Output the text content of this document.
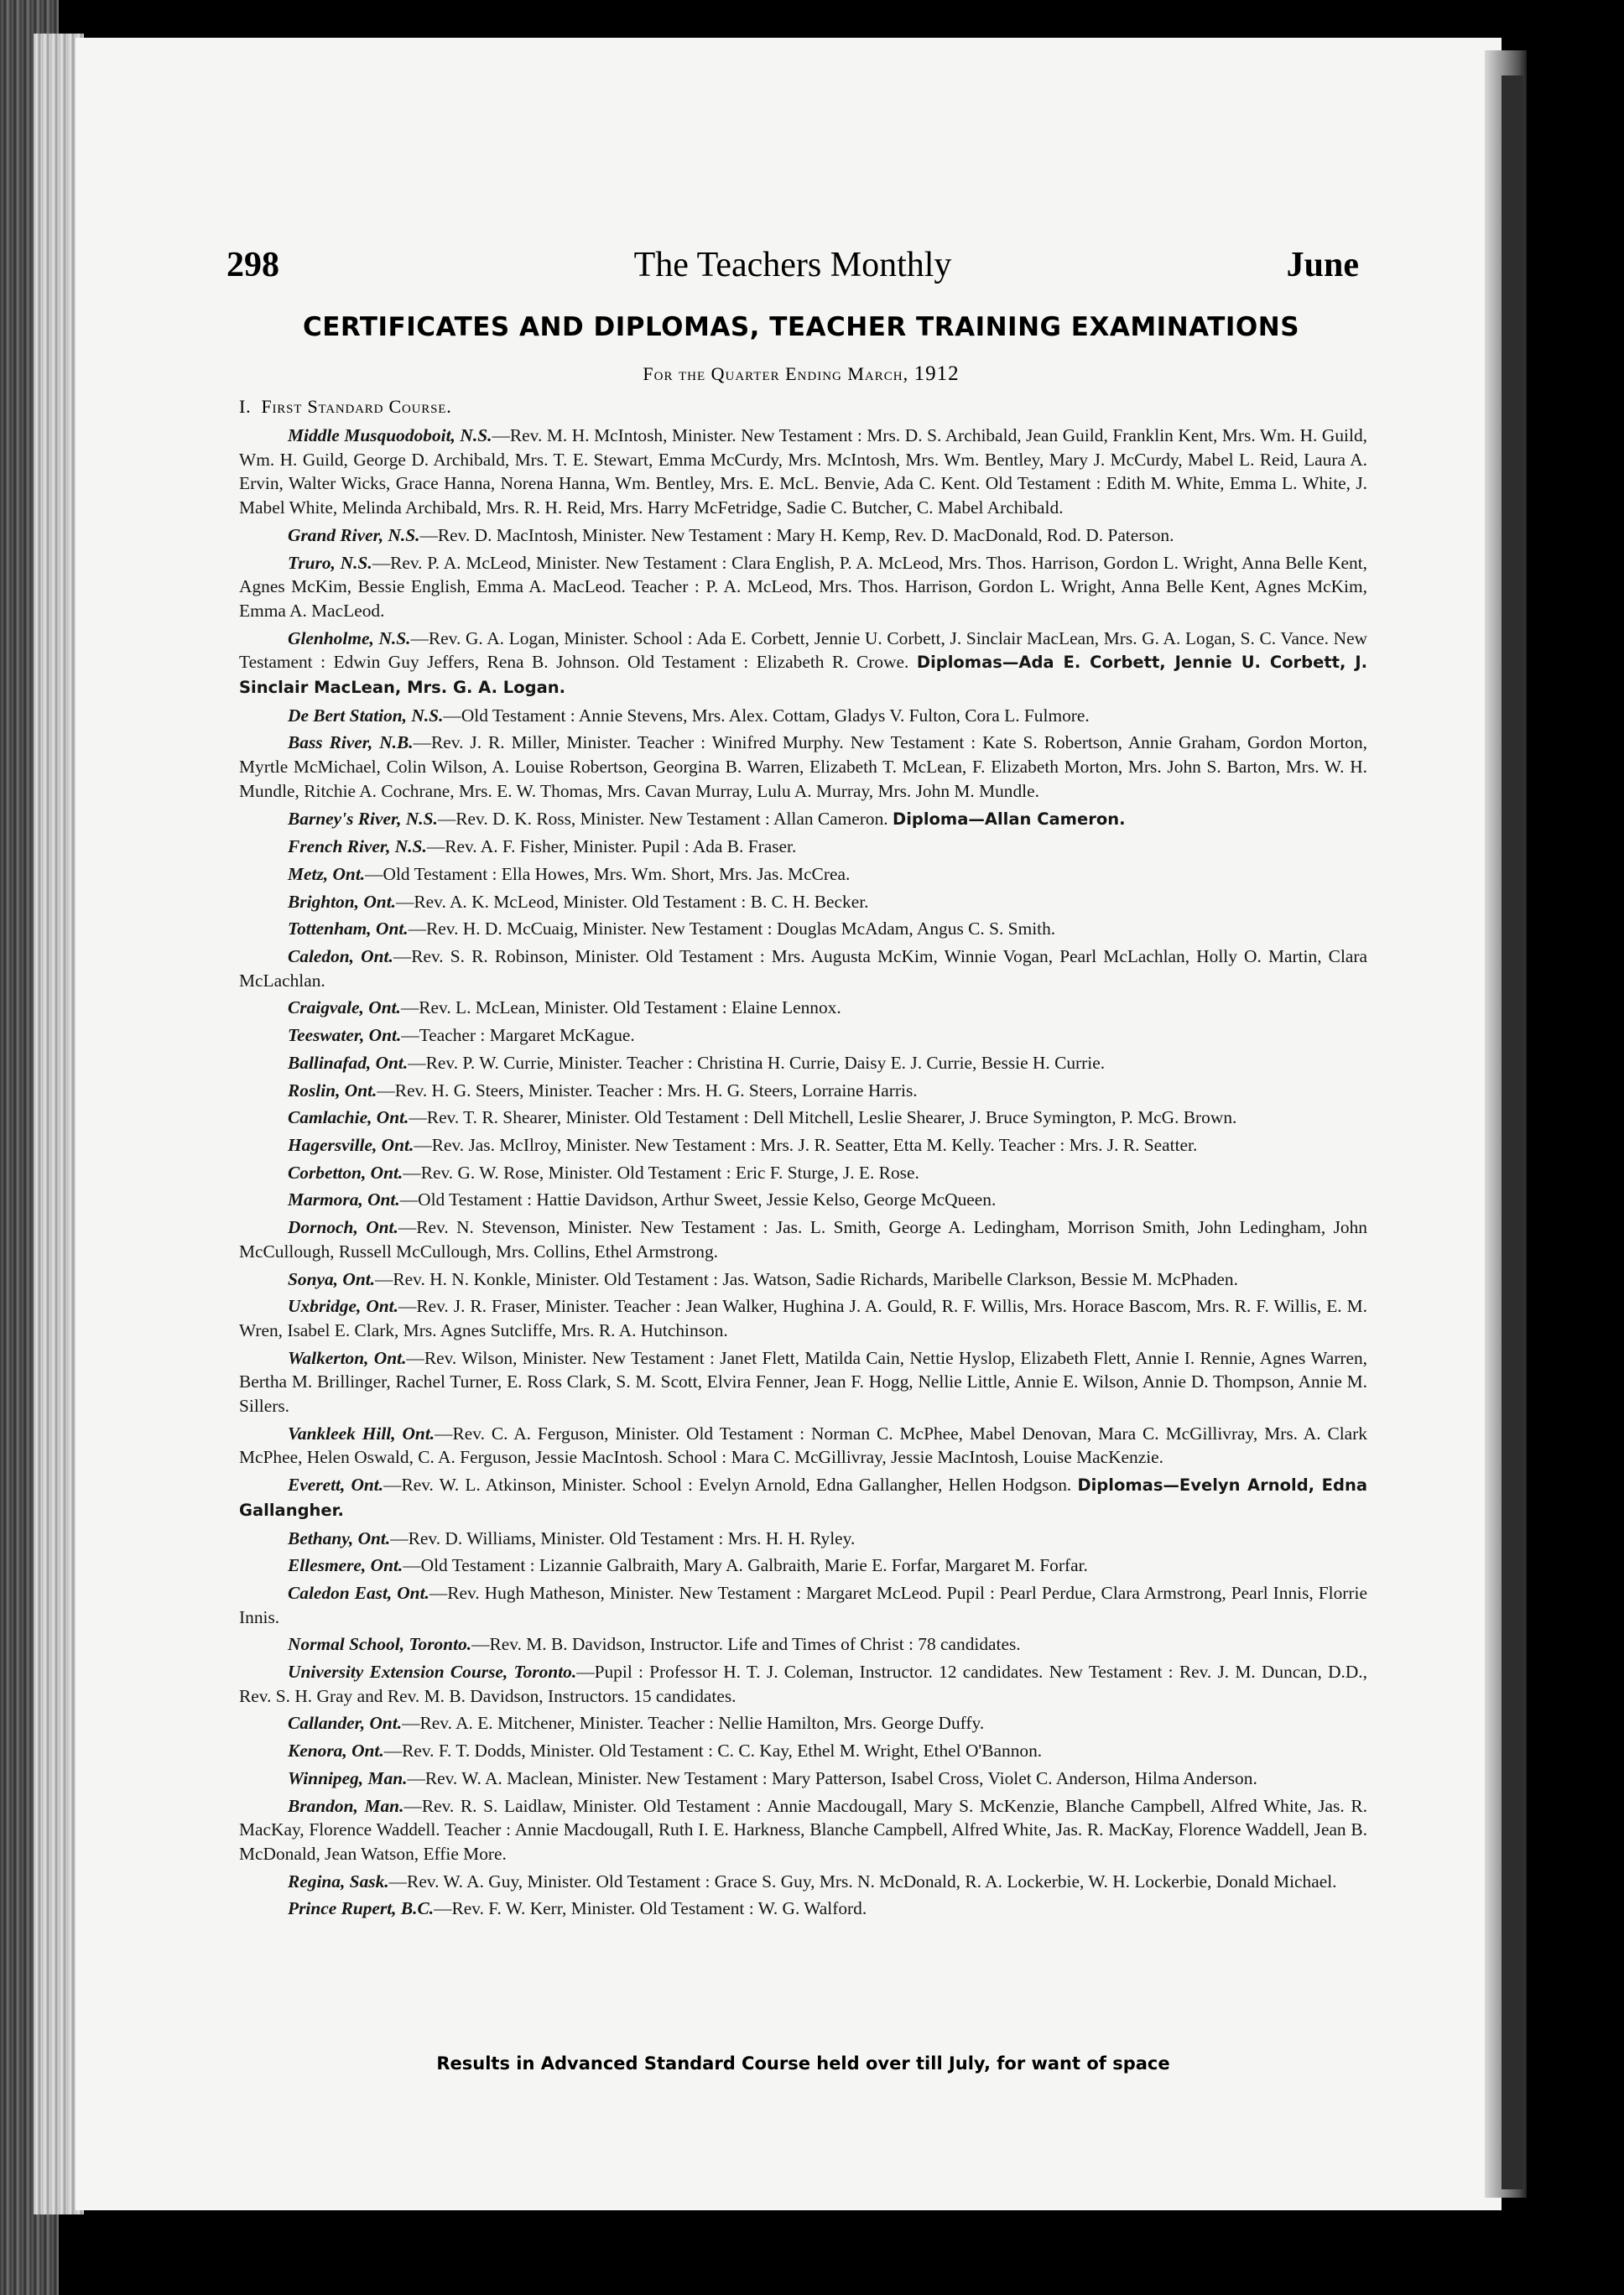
298	The Teachers Monthly	June
CERTIFICATES AND DIPLOMAS, TEACHER TRAINING EXAMINATIONS
For the Quarter Ending March, 1912
I. First Standard Course.

Middle Musquodoboit, N.S.—Rev. M. H. McIntosh, Minister. New Testament : Mrs. D. S. Archibald, Jean Guild, Franklin Kent, Mrs. Wm. H. Guild, Wm. H. Guild, George D. Archibald, Mrs. T. E. Stewart, Emma McCurdy, Mrs. McIntosh, Mrs. Wm. Bentley, Mary J. McCurdy, Mabel L. Reid, Laura A. Ervin, Walter Wicks, Grace Hanna, Norena Hanna, Wm. Bentley, Mrs. E. McL. Benvie, Ada C. Kent. Old Testament : Edith M. White, Emma L. White, J. Mabel White, Melinda Archibald, Mrs. R. H. Reid, Mrs. Harry McFetridge, Sadie C. Butcher, C. Mabel Archibald.

Grand River, N.S.—Rev. D. MacIntosh, Minister. New Testament : Mary H. Kemp, Rev. D. MacDonald, Rod. D. Paterson.

Truro, N.S.—Rev. P. A. McLeod, Minister. New Testament : Clara English, P. A. McLeod, Mrs. Thos. Harrison, Gordon L. Wright, Anna Belle Kent, Agnes McKim, Bessie English, Emma A. MacLeod. Teacher : P. A. McLeod, Mrs. Thos. Harrison, Gordon L. Wright, Anna Belle Kent, Agnes McKim, Emma A. MacLeod.

Glenholme, N.S.—Rev. G. A. Logan, Minister. School : Ada E. Corbett, Jennie U. Corbett, J. Sinclair MacLean, Mrs. G. A. Logan, S. C. Vance. New Testament : Edwin Guy Jeffers, Rena B. Johnson. Old Testament : Elizabeth R. Crowe. Diplomas—Ada E. Corbett, Jennie U. Corbett, J. Sinclair MacLean, Mrs. G. A. Logan.

De Bert Station, N.S.—Old Testament : Annie Stevens, Mrs. Alex. Cottam, Gladys V. Fulton, Cora L. Fulmore.

Bass River, N.B.—Rev. J. R. Miller, Minister. Teacher : Winifred Murphy. New Testament : Kate S. Robertson, Annie Graham, Gordon Morton, Myrtle McMichael, Colin Wilson, A. Louise Robertson, Georgina B. Warren, Elizabeth T. McLean, F. Elizabeth Morton, Mrs. John S. Barton, Mrs. W. H. Mundle, Ritchie A. Cochrane, Mrs. E. W. Thomas, Mrs. Cavan Murray, Lulu A. Murray, Mrs. John M. Mundle.

Barney's River, N.S.—Rev. D. K. Ross, Minister. New Testament : Allan Cameron. Diploma—Allan Cameron.

French River, N.S.—Rev. A. F. Fisher, Minister. Pupil : Ada B. Fraser.

Metz, Ont.—Old Testament : Ella Howes, Mrs. Wm. Short, Mrs. Jas. McCrea.

Brighton, Ont.—Rev. A. K. McLeod, Minister. Old Testament : B. C. H. Becker.

Tottenham, Ont.—Rev. H. D. McCuaig, Minister. New Testament : Douglas McAdam, Angus C. S. Smith.

Caledon, Ont.—Rev. S. R. Robinson, Minister. Old Testament : Mrs. Augusta McKim, Winnie Vogan, Pearl McLachlan, Holly O. Martin, Clara McLachlan.

Craigvale, Ont.—Rev. L. McLean, Minister. Old Testament : Elaine Lennox.

Teeswater, Ont.—Teacher : Margaret McKague.

Ballinafad, Ont.—Rev. P. W. Currie, Minister. Teacher : Christina H. Currie, Daisy E. J. Currie, Bessie H. Currie.

Roslin, Ont.—Rev. H. G. Steers, Minister. Teacher : Mrs. H. G. Steers, Lorraine Harris.

Camlachie, Ont.—Rev. T. R. Shearer, Minister. Old Testament : Dell Mitchell, Leslie Shearer, J. Bruce Symington, P. McG. Brown.

Hagersville, Ont.—Rev. Jas. McIlroy, Minister. New Testament : Mrs. J. R. Seatter, Etta M. Kelly. Teacher : Mrs. J. R. Seatter.

Corbetton, Ont.—Rev. G. W. Rose, Minister. Old Testament : Eric F. Sturge, J. E. Rose.

Marmora, Ont.—Old Testament : Hattie Davidson, Arthur Sweet, Jessie Kelso, George McQueen.

Dornoch, Ont.—Rev. N. Stevenson, Minister. New Testament : Jas. L. Smith, George A. Ledingham, Morrison Smith, John Ledingham, John McCullough, Russell McCullough, Mrs. Collins, Ethel Armstrong.

Sonya, Ont.—Rev. H. N. Konkle, Minister. Old Testament : Jas. Watson, Sadie Richards, Maribelle Clarkson, Bessie M. McPhaden.

Uxbridge, Ont.—Rev. J. R. Fraser, Minister. Teacher : Jean Walker, Hughina J. A. Gould, R. F. Willis, Mrs. Horace Bascom, Mrs. R. F. Willis, E. M. Wren, Isabel E. Clark, Mrs. Agnes Sutcliffe, Mrs. R. A. Hutchinson.

Walkerton, Ont.—Rev. Wilson, Minister. New Testament : Janet Flett, Matilda Cain, Nettie Hyslop, Elizabeth Flett, Annie I. Rennie, Agnes Warren, Bertha M. Brillinger, Rachel Turner, E. Ross Clark, S. M. Scott, Elvira Fenner, Jean F. Hogg, Nellie Little, Annie E. Wilson, Annie D. Thompson, Annie M. Sillers.

Vankleek Hill, Ont.—Rev. C. A. Ferguson, Minister. Old Testament : Norman C. McPhee, Mabel Denovan, Mara C. McGillivray, Mrs. A. Clark McPhee, Helen Oswald, C. A. Ferguson, Jessie MacIntosh. School : Mara C. McGillivray, Jessie MacIntosh, Louise MacKenzie.

Everett, Ont.—Rev. W. L. Atkinson, Minister. School : Evelyn Arnold, Edna Gallangher, Hellen Hodgson. Diplomas—Evelyn Arnold, Edna Gallangher.

Bethany, Ont.—Rev. D. Williams, Minister. Old Testament : Mrs. H. H. Ryley.

Ellesmere, Ont.—Old Testament : Lizannie Galbraith, Mary A. Galbraith, Marie E. Forfar, Margaret M. Forfar.

Caledon East, Ont.—Rev. Hugh Matheson, Minister. New Testament : Margaret McLeod. Pupil : Pearl Perdue, Clara Armstrong, Pearl Innis, Florrie Innis.

Normal School, Toronto.—Rev. M. B. Davidson, Instructor. Life and Times of Christ : 78 candidates.

University Extension Course, Toronto.—Pupil : Professor H. T. J. Coleman, Instructor. 12 candidates. New Testament : Rev. J. M. Duncan, D.D., Rev. S. H. Gray and Rev. M. B. Davidson, Instructors. 15 candidates.

Callander, Ont.—Rev. A. E. Mitchener, Minister. Teacher : Nellie Hamilton, Mrs. George Duffy.

Kenora, Ont.—Rev. F. T. Dodds, Minister. Old Testament : C. C. Kay, Ethel M. Wright, Ethel O'Bannon.

Winnipeg, Man.—Rev. W. A. Maclean, Minister. New Testament : Mary Patterson, Isabel Cross, Violet C. Anderson, Hilma Anderson.

Brandon, Man.—Rev. R. S. Laidlaw, Minister. Old Testament : Annie Macdougall, Mary S. McKenzie, Blanche Campbell, Alfred White, Jas. R. MacKay, Florence Waddell. Teacher : Annie Macdougall, Ruth I. E. Harkness, Blanche Campbell, Alfred White, Jas. R. MacKay, Florence Waddell, Jean B. McDonald, Jean Watson, Effie More.

Regina, Sask.—Rev. W. A. Guy, Minister. Old Testament : Grace S. Guy, Mrs. N. McDonald, R. A. Lockerbie, W. H. Lockerbie, Donald Michael.

Prince Rupert, B.C.—Rev. F. W. Kerr, Minister. Old Testament : W. G. Walford.

Results in Advanced Standard Course held over till July, for want of space
